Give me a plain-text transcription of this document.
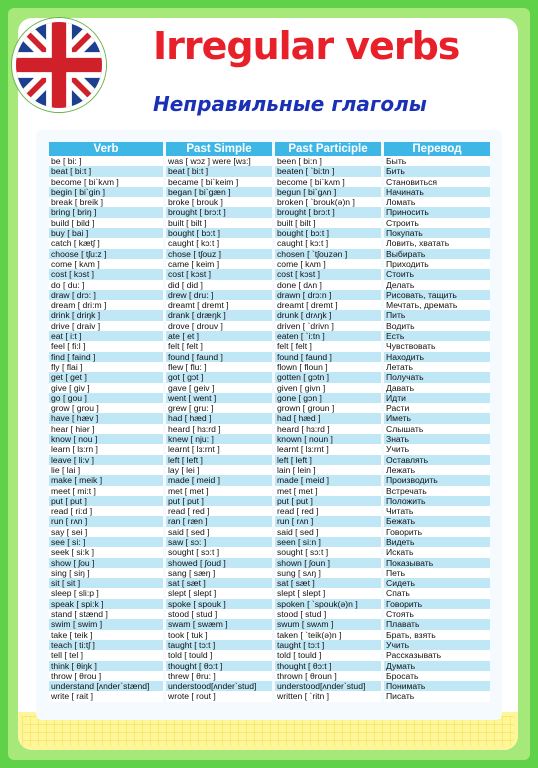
Irregular verbs
Неправильные глаголы
Verb	Past Simple	Past Participle	Перевод
be [ bi: ]	was [ wɔz ] were [wɜ:]	been [ bi:n ]	Быть
beat [ bi:t ]	beat [ bi:t ]	beaten [ `bi:tn ]	Бить
become [ bi`kʌm ]	became [ bi`keim ]	become [ bi`kʌm ]	Становиться
begin [ bi`gin ]	began [ bi`gæn ]	begun [ bi`gʌn ]	Начинать
break [ breik ]	broke [ brouk ]	broken [ `brouk(ə)n ]	Ломать
bring [ briŋ ]	brought [ brɔ:t ]	brought [ brɔ:t ]	Приносить
build [ bild ]	built [ bilt ]	built [ bilt ]	Строить
buy [ bai ]	bought [ bɔ:t ]	bought [ bɔ:t ]	Покупать
catch [ kætʃ ]	caught [ kɔ:t ]	caught [ kɔ:t ]	Ловить, хватать
choose [ tʃu:z ]	chose [ tʃouz ]	chosen [ `tʃouzən ]	Выбирать
come [ kʌm ]	came [ keim ]	come [ kʌm ]	Приходить
cost [ kɔst ]	cost [ kɔst ]	cost [ kɔst ]	Стоить
do [ du: ]	did [ did ]	done [ dʌn ]	Делать
draw [ drɔ: ]	drew [ dru: ]	drawn [ drɔ:n ]	Рисовать, тащить
dream [ dri:m ]	dreamt [ dremt ]	dreamt [ dremt ]	Мечтать, дремать
drink [ driŋk ]	drank [ dræŋk ]	drunk [ drʌŋk ]	Пить
drive [ draiv ]	drove [ drouv ]	driven [ `drivn ]	Водить
eat [ i:t ]	ate [ et ]	eaten [ `i:tn ]	Есть
feel [ fi:l ]	felt [ felt ]	felt [ felt ]	Чувствовать
find [ faind ]	found [ faund ]	found [ faund ]	Находить
fly [ flai ]	flew [ flu: ]	flown [ floun ]	Летать
get [ get ]	got [ gɔt ]	gotten [ gɔtn ]	Получать
give [ giv ]	gave [ geiv ]	given [ givn ]	Давать
go [ gou ]	went [ went ]	gone [ gɔn ]	Идти
grow [ grou ]	grew [ gru: ]	grown [ groun ]	Расти
have [ hæv ]	had [ hæd ]	had [ hæd ]	Иметь
hear [ hiər ]	heard [ hɜ:rd ]	heard [ hɜ:rd ]	Слышать
know [ nou ]	knew [ nju: ]	known [ noun ]	Знать
learn [ lɜ:rn ]	learnt [ lɜ:rnt ]	learnt [ lɜ:rnt ]	Учить
leave [ li:v ]	left [ left ]	left [ left ]	Оставлять
lie [ lai ]	lay [ lei ]	lain [ lein ]	Лежать
make [ meik ]	made [ meid ]	made [ meid ]	Производить
meet [ mi:t ]	met [ met ]	met [ met ]	Встречать
put [ put ]	put [ put ]	put [ put ]	Положить
read [ ri:d ]	read [ red ]	read [ red ]	Читать
run [ rʌn ]	ran [ ræn ]	run [ rʌn ]	Бежать
say [ sei ]	said [ sed ]	said [ sed ]	Говорить
see [ si: ]	saw [ sɔ: ]	seen [ si:n ]	Видеть
seek [ si:k ]	sought [ sɔ:t ]	sought [ sɔ:t ]	Искать
show [ ʃou ]	showed [ ʃoud ]	shown [ ʃoun ]	Показывать
sing [ siŋ ]	sang [ sæŋ ]	sung [ sʌŋ ]	Петь
sit [ sit ]	sat [ sæt ]	sat [ sæt ]	Сидеть
sleep [ sli:p ]	slept [ slept ]	slept [ slept ]	Спать
speak [ spi:k ]	spoke [ spouk ]	spoken [ `spouk(ə)n ]	Говорить
stand [ stænd ]	stood [ stud ]	stood [ stud ]	Стоять
swim [ swim ]	swam [ swæm ]	swum [ swʌm ]	Плавать
take [ teik ]	took [ tuk ]	taken [ `teik(ə)n ]	Брать, взять
teach [ ti:tʃ ]	taught [ tɔ:t ]	taught [ tɔ:t ]	Учить
tell [ tel ]	told [ tould ]	told [ tould ]	Рассказывать
think [ θiŋk ]	thought [ θɔ:t ]	thought [ θɔ:t ]	Думать
throw [ θrou ]	threw [ θru: ]	thrown [ θroun ]	Бросать
understand [ʌnder`stænd]	understood[ʌnder`stud]	understood[ʌnder`stud]	Понимать
write [ rait ]	wrote [ rout ]	written [ `ritn ]	Писать
